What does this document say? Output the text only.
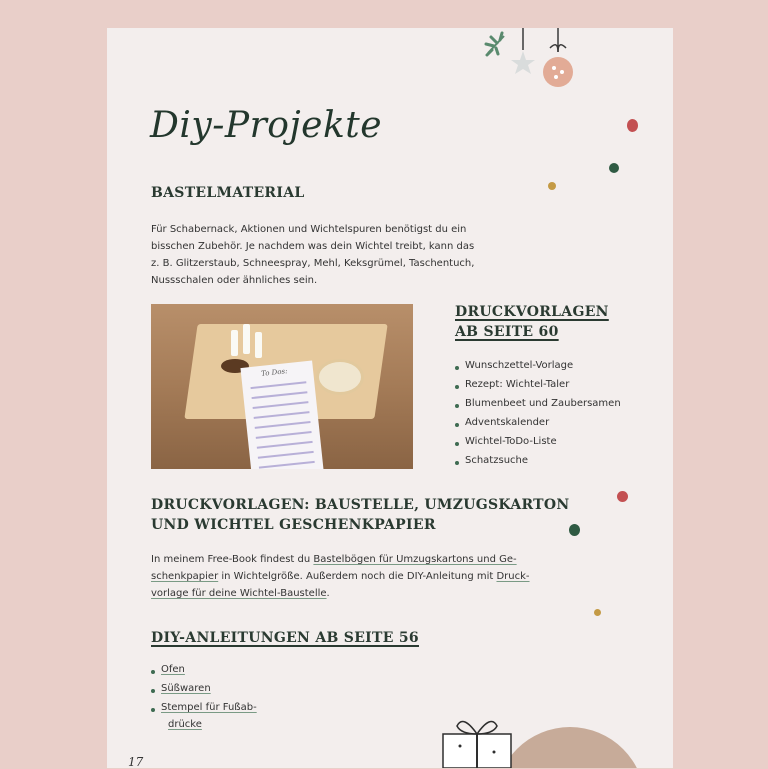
Diy-Projekte
BASTELMATERIAL
Für Schabernack, Aktionen und Wichtelspuren benötigst du ein
bisschen Zubehör. Je nachdem was dein Wichtel treibt, kann das
z. B. Glitzerstaub, Schneespray, Mehl, Keksgrümel, Taschentuch,
Nussschalen oder ähnliches sein.
To Dos:
DRUCKVORLAGEN
AB SEITE 60
Wunschzettel-Vorlage
Rezept: Wichtel-Taler
Blumenbeet und Zaubersamen
Adventskalender
Wichtel-ToDo-Liste
Schatzsuche
DRUCKVORLAGEN: BAUSTELLE, UMZUGSKARTON
UND WICHTEL GESCHENKPAPIER
In meinem Free-Book findest du Bastelbögen für Umzugskartons und Ge-
schenkpapier in Wichtelgröße. Außerdem noch die DIY-Anleitung mit Druck-
vorlage für deine Wichtel-Baustelle.
DIY-ANLEITUNGEN AB SEITE 56
Ofen
Süßwaren
Stempel für Fußab-
drücke
17
